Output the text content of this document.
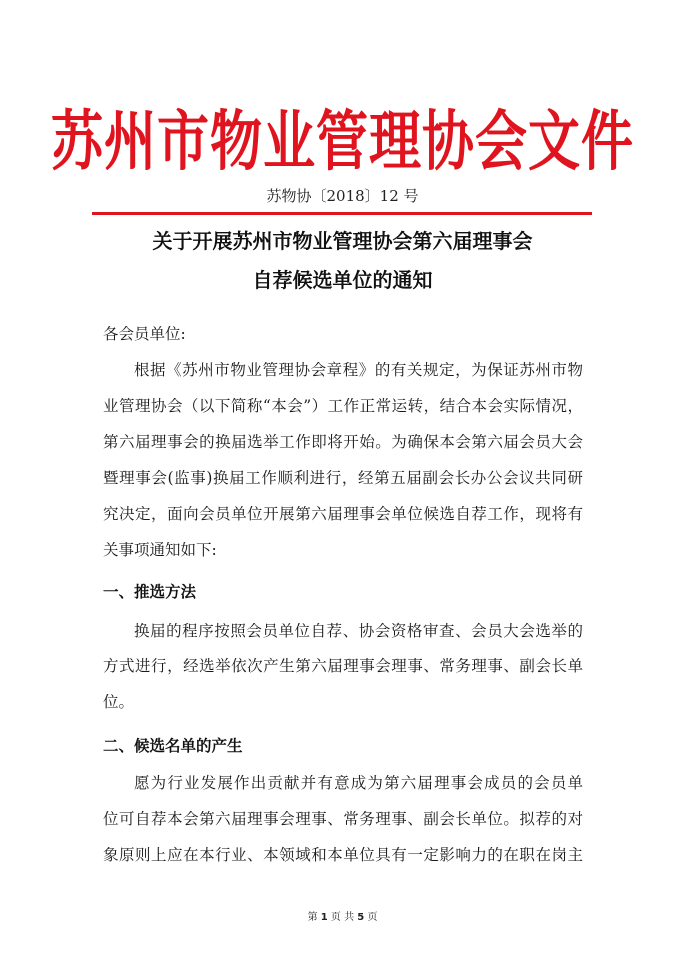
苏州市物业管理协会文件
苏物协〔2018〕12 号
关于开展苏州市物业管理协会第六届理事会
自荐候选单位的通知
各会员单位:
根据《苏州市物业管理协会章程》的有关规定，为保证苏州市物
业管理协会（以下简称“本会”）工作正常运转，结合本会实际情况，
第六届理事会的换届选举工作即将开始。为确保本会第六届会员大会
暨理事会(监事)换届工作顺利进行，经第五届副会长办公会议共同研
究决定，面向会员单位开展第六届理事会单位候选自荐工作，现将有
关事项通知如下:
一、推选方法
换届的程序按照会员单位自荐、协会资格审查、会员大会选举的
方式进行，经选举依次产生第六届理事会理事、常务理事、副会长单
位。
二、候选名单的产生
愿为行业发展作出贡献并有意成为第六届理事会成员的会员单
位可自荐本会第六届理事会理事、常务理事、副会长单位。拟荐的对
象原则上应在本行业、本领域和本单位具有一定影响力的在职在岗主
第 1 页 共 5 页
